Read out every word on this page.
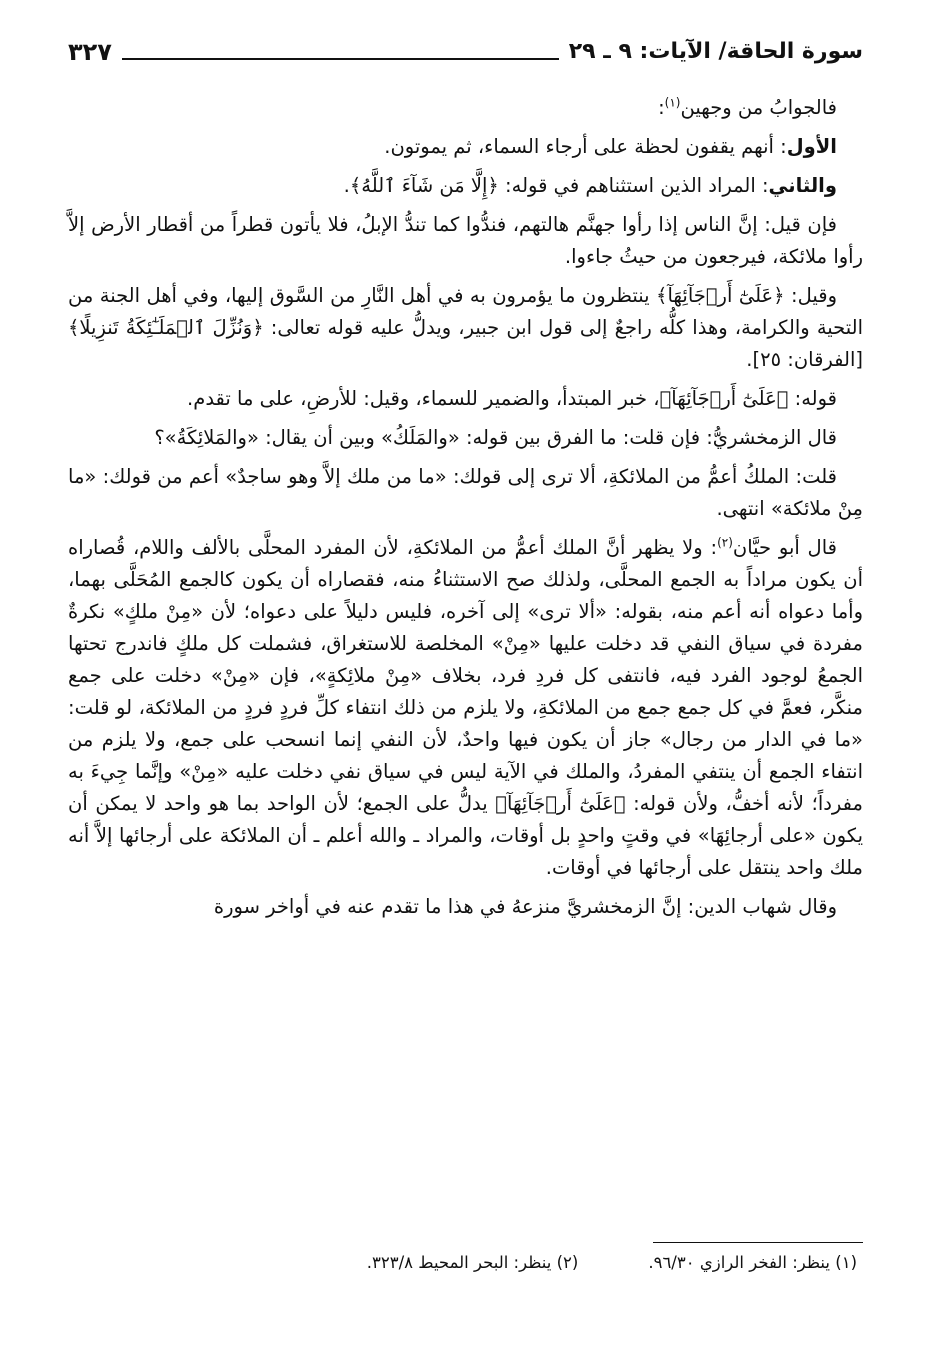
سورة الحاقة/ الآيات: ٩ ـ ٢٩
٣٢٧

فالجوابُ من وجهين$^{(١)}$:

الأول: أنهم يقفون لحظة على أرجاء السماء، ثم يموتون.

والثاني: المراد الذين استثناهم في قوله: ﴿إِلَّا مَن شَآءَ ٱللَّهُ﴾.

فإن قيل: إنَّ الناس إذا رأوا جهنَّم هالتهم، فندُّوا كما تندُّ الإبلُ، فلا يأتون قطراً من أقطار الأرض إلاَّ رأوا ملائكة، فيرجعون من حيثُ جاءوا.

وقيل: ﴿عَلَىٰٓ أَرۡجَآئِهَآ﴾ ينتظرون ما يؤمرون به في أهل النَّارِ من السَّوق إليها، وفي أهل الجنة من التحية والكرامة، وهذا كلُّه راجعٌ إلى قول ابن جبير، ويدلُّ عليه قوله تعالى: ﴿وَنُزِّلَ ٱلۡمَلَـٰٓئِكَةُ تَنزِيلًا﴾ [الفرقان: ٢٥].

قوله: ﴿عَلَىٰٓ أَرۡجَآئِهَآ﴾، خبر المبتدأ، والضمير للسماء، وقيل: للأرضِ، على ما تقدم.

قال الزمخشريُّ: فإن قلت: ما الفرق بين قوله: «والمَلَكُ» وبين أن يقال: «والمَلائِكَةُ»؟

قلت: الملكُ أعمُّ من الملائكةِ، ألا ترى إلى قولك: «ما من ملك إلاَّ وهو ساجدٌ» أعم من قولك: «ما مِنْ ملائكة» انتهى.

قال أبو حيَّان$^{(٢)}$: ولا يظهر أنَّ الملك أعمُّ من الملائكةِ، لأن المفرد المحلَّى بالألف واللام، قُصاراه أن يكون مراداً به الجمع المحلَّى، ولذلك صح الاستثناءُ منه، فقصاراه أن يكون كالجمع المُحَلَّى بهما، وأما دعواه أنه أعم منه، بقوله: «ألا ترى» إلى آخره، فليس دليلاً على دعواه؛ لأن «مِنْ ملكٍ» نكرةٌ مفردة في سياق النفي قد دخلت عليها «مِنْ» المخلصة للاستغراق، فشملت كل ملكٍ فاندرج تحتها الجمعُ لوجود الفرد فيه، فانتفى كل فردِ فرد، بخلاف «مِنْ ملائِكةٍ»، فإن «مِنْ» دخلت على جمع منكَّر، فعمَّ في كل جمع جمع من الملائكةِ، ولا يلزم من ذلك انتفاء كلِّ فردٍ فردٍ من الملائكة، لو قلت: «ما في الدار من رجال» جاز أن يكون فيها واحدٌ، لأن النفي إنما انسحب على جمع، ولا يلزم من انتفاء الجمع أن ينتفي المفردُ، والملك في الآية ليس في سياق نفي دخلت عليه «مِنْ» وإنَّما جِيءَ به مفرداً؛ لأنه أخفُّ، ولأن قوله: ﴿عَلَىٰٓ أَرۡجَآئِهَآ﴾ يدلُّ على الجمع؛ لأن الواحد بما هو واحد لا يمكن أن يكون «على أرجائِهَا» في وقتٍ واحدٍ بل أوقات، والمراد ـ والله أعلم ـ أن الملائكة على أرجائها إلاَّ أنه ملك واحد ينتقل على أرجائها في أوقات.

وقال شهاب الدين: إنَّ الزمخشريَّ منزعهُ في هذا ما تقدم عنه في أواخر سورة

(١) ينظر: الفخر الرازي ٩٦/٣٠.
(٢) ينظر: البحر المحيط ٣٢٣/٨.
